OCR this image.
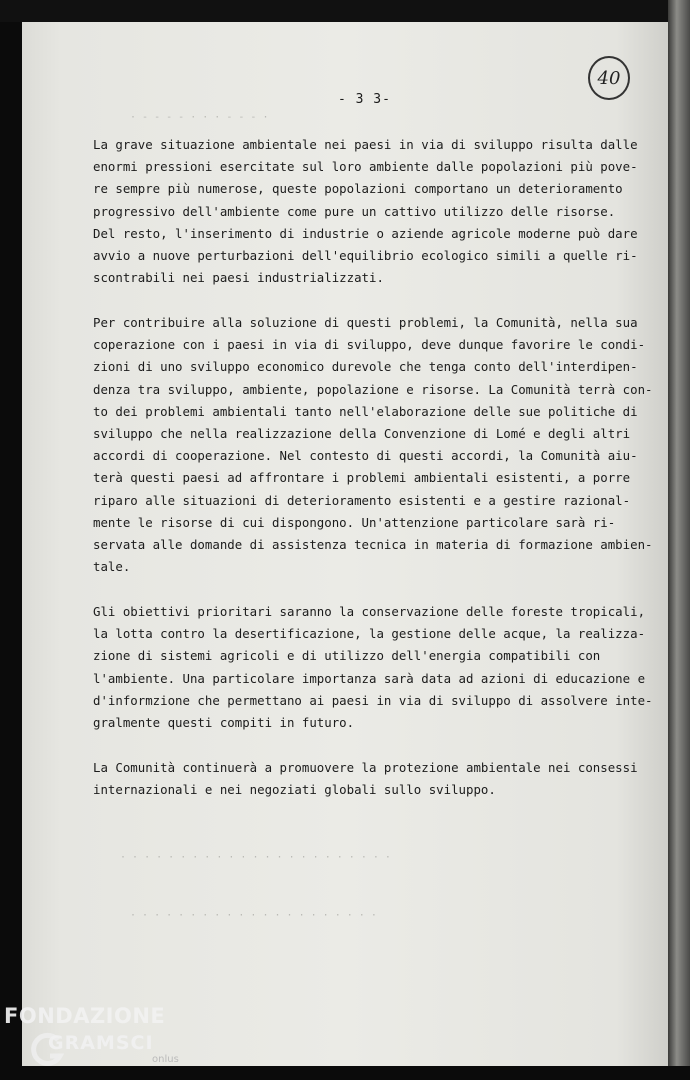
· - - - - · · · - - - ·
· · · · · · · · · · · · · · · · · · · · · · ·
· · · · · · · · · · · · · · · · · · · · ·
- 3 3-
40
La grave situazione ambientale nei paesi in via di sviluppo risulta dalle
enormi pressioni esercitate sul loro ambiente dalle popolazioni più pove-
re sempre più numerose, queste popolazioni comportano un deterioramento
progressivo dell'ambiente come pure un cattivo utilizzo delle risorse.
Del resto, l'inserimento di industrie o aziende agricole moderne può dare
avvio a nuove perturbazioni dell'equilibrio ecologico simili a quelle ri-
scontrabili nei paesi industrializzati.
Per contribuire alla soluzione di questi problemi, la Comunità, nella sua
coperazione con i paesi in via di sviluppo, deve dunque favorire le condi-
zioni di uno sviluppo economico durevole che tenga conto dell'interdipen-
denza tra sviluppo, ambiente, popolazione e risorse. La Comunità terrà con-
to dei problemi ambientali tanto nell'elaborazione delle sue politiche di
sviluppo che nella realizzazione della Convenzione di Lomé e degli altri
accordi di cooperazione. Nel contesto di questi accordi, la Comunità aiu-
terà questi paesi ad affrontare i problemi ambientali esistenti, a porre
riparo alle situazioni di deterioramento esistenti e a gestire razional-
mente le risorse di cui dispongono. Un'attenzione particolare sarà ri-
servata alle domande di assistenza tecnica in materia di formazione ambien-
tale.
Gli obiettivi prioritari saranno la conservazione delle foreste tropicali,
la lotta contro la desertificazione, la gestione delle acque, la realizza-
zione di sistemi agricoli e di utilizzo dell'energia compatibili con
l'ambiente. Una particolare importanza sarà data ad azioni di educazione e
d'informzione che permettano ai paesi in via di sviluppo di assolvere inte-
gralmente questi compiti in futuro.
La Comunità continuerà a promuovere la protezione ambientale nei consessi
internazionali e nei negoziati globali sullo sviluppo.
FONDAZIONE
GRAMSCI
onlus
